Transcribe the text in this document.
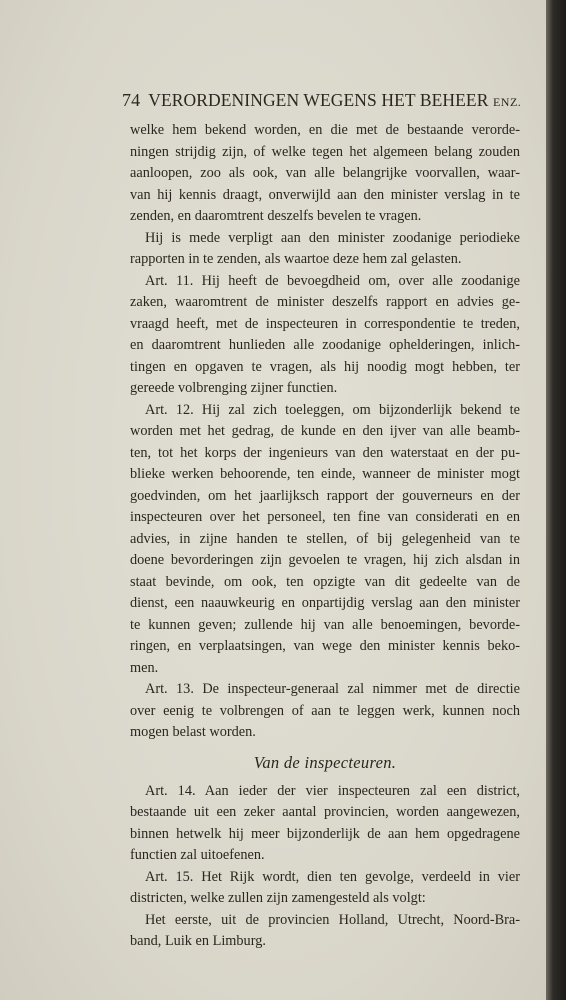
74 VERORDENINGEN WEGENS HET BEHEER ENZ.
welke hem bekend worden, en die met de bestaande verorde-
ningen strijdig zijn, of welke tegen het algemeen belang zouden
aanloopen, zoo als ook, van alle belangrijke voorvallen, waar-
van hij kennis draagt, onverwijld aan den minister verslag in te
zenden, en daaromtrent deszelfs bevelen te vragen.
Hij is mede verpligt aan den minister zoodanige periodieke
rapporten in te zenden, als waartoe deze hem zal gelasten.
Art. 11. Hij heeft de bevoegdheid om, over alle zoodanige
zaken, waaromtrent de minister deszelfs rapport en advies ge-
vraagd heeft, met de inspecteuren in correspondentie te treden,
en daaromtrent hunlieden alle zoodanige ophelderingen, inlich-
tingen en opgaven te vragen, als hij noodig mogt hebben, ter
gereede volbrenging zijner functien.
Art. 12. Hij zal zich toeleggen, om bijzonderlijk bekend te
worden met het gedrag, de kunde en den ijver van alle beamb-
ten, tot het korps der ingenieurs van den waterstaat en der pu-
blieke werken behoorende, ten einde, wanneer de minister mogt
goedvinden, om het jaarlijksch rapport der gouverneurs en der
inspecteuren over het personeel, ten fine van considerati en en
advies, in zijne handen te stellen, of bij gelegenheid van te
doene bevorderingen zijn gevoelen te vragen, hij zich alsdan in
staat bevinde, om ook, ten opzigte van dit gedeelte van de
dienst, een naauwkeurig en onpartijdig verslag aan den minister
te kunnen geven; zullende hij van alle benoemingen, bevorde-
ringen, en verplaatsingen, van wege den minister kennis beko-
men.
Art. 13. De inspecteur-generaal zal nimmer met de directie
over eenig te volbrengen of aan te leggen werk, kunnen noch
mogen belast worden.
Van de inspecteuren.
Art. 14. Aan ieder der vier inspecteuren zal een district,
bestaande uit een zeker aantal provincien, worden aangewezen,
binnen hetwelk hij meer bijzonderlijk de aan hem opgedragene
functien zal uitoefenen.
Art. 15. Het Rijk wordt, dien ten gevolge, verdeeld in vier
districten, welke zullen zijn zamengesteld als volgt:
Het eerste, uit de provincien Holland, Utrecht, Noord-Bra-
band, Luik en Limburg.
